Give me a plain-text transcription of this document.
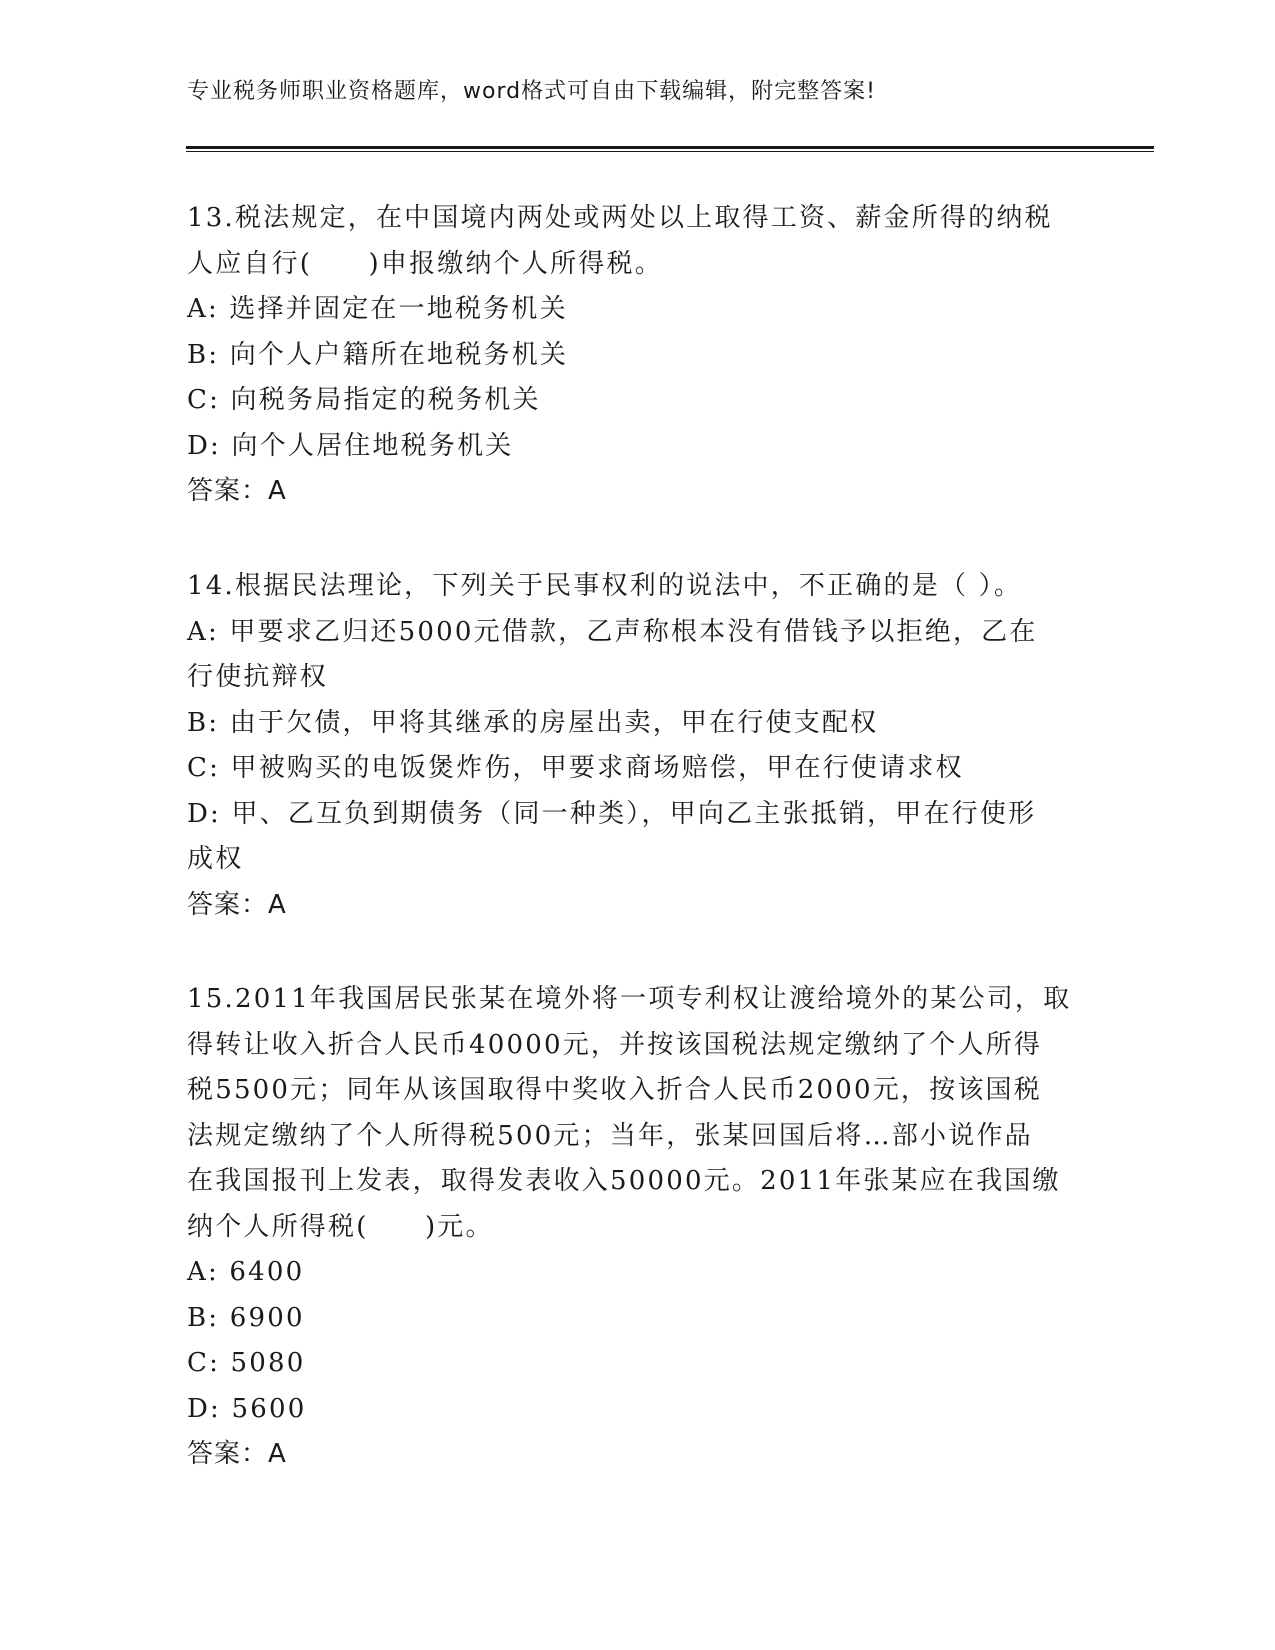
专业税务师职业资格题库，word格式可自由下载编辑，附完整答案!
13.税法规定，在中国境内两处或两处以上取得工资、薪金所得的纳税
人应自行(　　)申报缴纳个人所得税。
A: 选择并固定在一地税务机关
B: 向个人户籍所在地税务机关
C: 向税务局指定的税务机关
D: 向个人居住地税务机关
答案：A
14.根据民法理论，下列关于民事权利的说法中，不正确的是（ ）。
A: 甲要求乙归还5000元借款，乙声称根本没有借钱予以拒绝，乙在
行使抗辩权
B: 由于欠债，甲将其继承的房屋出卖，甲在行使支配权
C: 甲被购买的电饭煲炸伤，甲要求商场赔偿，甲在行使请求权
D: 甲、乙互负到期债务（同一种类），甲向乙主张抵销，甲在行使形
成权
答案：A
15.2011年我国居民张某在境外将一项专利权让渡给境外的某公司，取
得转让收入折合人民币40000元，并按该国税法规定缴纳了个人所得
税5500元；同年从该国取得中奖收入折合人民币2000元，按该国税
法规定缴纳了个人所得税500元；当年，张某回国后将…部小说作品
在我国报刊上发表，取得发表收入50000元。2011年张某应在我国缴
纳个人所得税(　　)元。
A: 6400
B: 6900
C: 5080
D: 5600
答案：A
